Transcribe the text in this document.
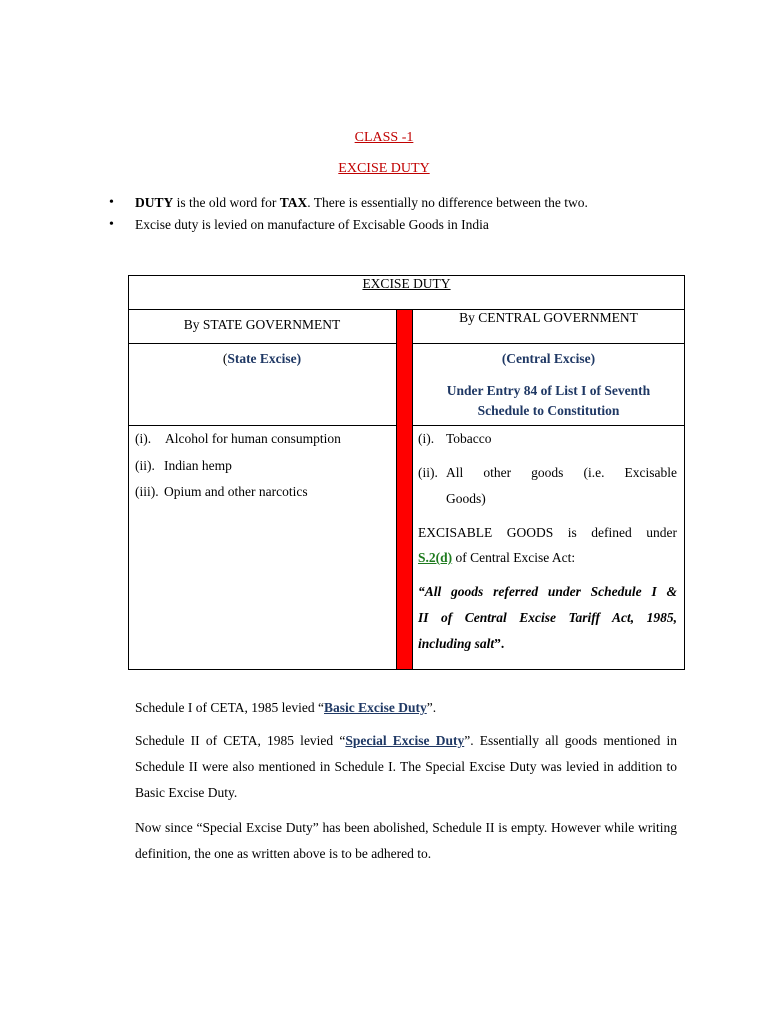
CLASS -1
EXCISE DUTY
• DUTY is the old word for TAX. There is essentially no difference between the two.
• Excise duty is levied on manufacture of Excisable Goods in India
EXCISE DUTY
By STATE GOVERNMENT	By CENTRAL GOVERNMENT
(State Excise)	(Central Excise)
Under Entry 84 of List I of Seventh
Schedule to Constitution
(i). Alcohol for human consumption
(ii). Indian hemp
(iii). Opium and other narcotics
(i). Tobacco
(ii). All other goods (i.e. Excisable
Goods)
EXCISABLE GOODS is defined under
S.2(d) of Central Excise Act:
“All goods referred under Schedule I &
II of Central Excise Tariff Act, 1985,
including salt”.
Schedule I of CETA, 1985 levied “Basic Excise Duty”.
Schedule II of CETA, 1985 levied “Special Excise Duty”. Essentially all goods mentioned in Schedule II were also mentioned in Schedule I. The Special Excise Duty was levied in addition to Basic Excise Duty.
Now since “Special Excise Duty” has been abolished, Schedule II is empty. However while writing definition, the one as written above is to be adhered to.
